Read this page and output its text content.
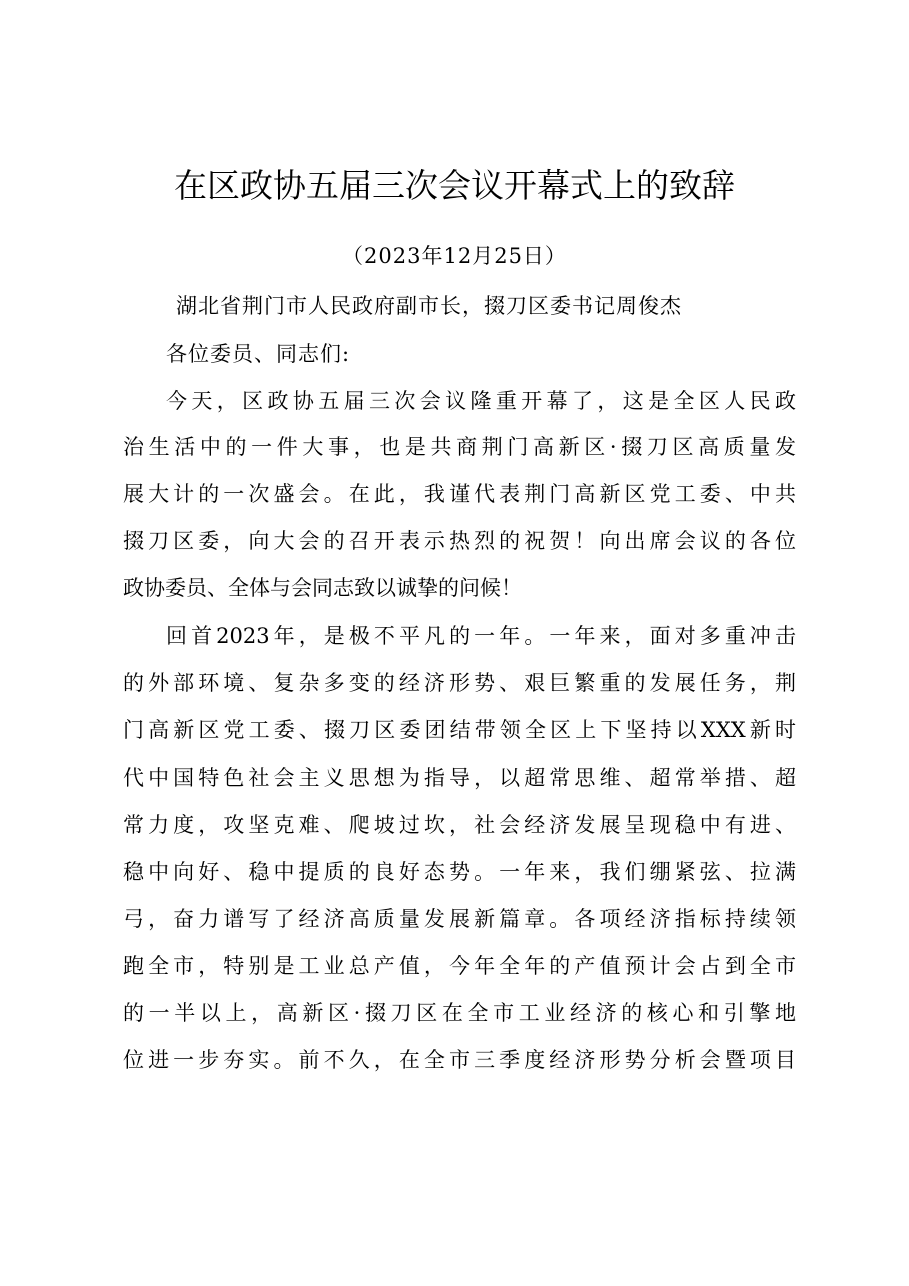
在区政协五届三次会议开幕式上的致辞
（2023年12月25日）
湖北省荆门市人民政府副市长，掇刀区委书记周俊杰
各位委员、同志们:
今天，区政协五届三次会议隆重开幕了，这是全区人民政
治生活中的一件大事，也是共商荆门高新区·掇刀区高质量发
展大计的一次盛会。在此，我谨代表荆门高新区党工委、中共
掇刀区委，向大会的召开表示热烈的祝贺！向出席会议的各位
政协委员、全体与会同志致以诚挚的问候！
回首2023年，是极不平凡的一年。一年来，面对多重冲击
的外部环境、复杂多变的经济形势、艰巨繁重的发展任务，荆
门高新区党工委、掇刀区委团结带领全区上下坚持以XXX新时
代中国特色社会主义思想为指导，以超常思维、超常举措、超
常力度，攻坚克难、爬坡过坎，社会经济发展呈现稳中有进、
稳中向好、稳中提质的良好态势。一年来，我们绷紧弦、拉满
弓，奋力谱写了经济高质量发展新篇章。各项经济指标持续领
跑全市，特别是工业总产值，今年全年的产值预计会占到全市
的一半以上，高新区·掇刀区在全市工业经济的核心和引擎地
位进一步夯实。前不久，在全市三季度经济形势分析会暨项目
